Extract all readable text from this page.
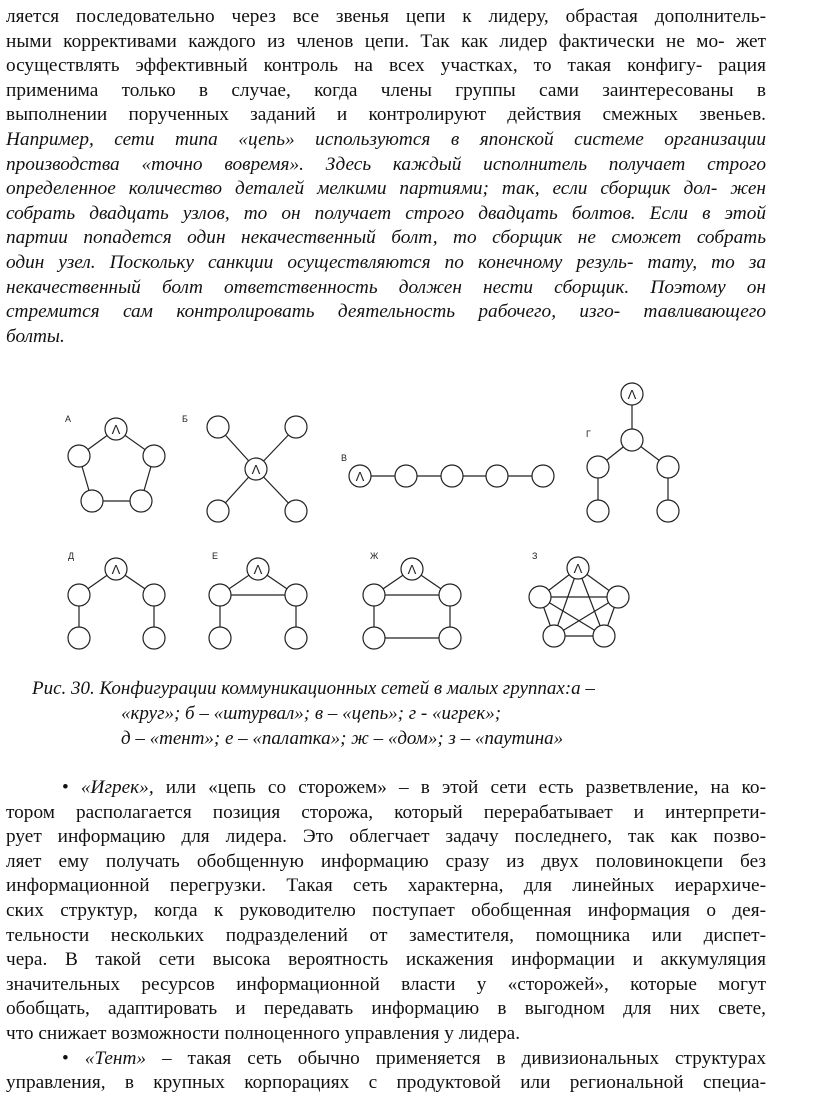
ляется последовательно через все звенья цепи к лидеру, обрастая дополнитель-
ными коррективами каждого из членов цепи. Так как лидер фактически не мо- жет
осуществлять эффективный контроль на всех участках, то такая конфигу- рация
применима только в случае, когда члены группы сами заинтересованы в
выполнении порученных заданий и контролируют действия смежных звеньев.
Например, сети типа «цепь» используются в японской системе организации
производства «точно вовремя». Здесь каждый исполнитель получает строго
определенное количество деталей мелкими партиями; так, если сборщик дол- жен
собрать двадцать узлов, то он получает строго двадцать болтов. Если в этой
партии попадется один некачественный болт, то сборщик не сможет собрать
один узел. Поскольку санкции осуществляются по конечному резуль- тату, то за
некачественный болт ответственность должен нести сборщик. Поэтому он
стремится сам контролировать деятельность рабочего, изго- тавливающего
болты.
Λ
Λ	Λ
Λ
Λ	Λ	Λ	Λ
А	Б
В
Г
Д	Е	Ж	З
Рис. 30. Конфигурации коммуникационных сетей в малых группах:а –
«круг»; б – «штурвал»; в – «цепь»; г - «игрек»;
д – «тент»; е – «палатка»; ж – «дом»; з – «паутина»
• «Игрек», или «цепь со сторожем» – в этой сети есть разветвление, на ко-
тором располагается позиция сторожа, который перерабатывает и интерпрети-
рует информацию для лидера. Это облегчает задачу последнего, так как позво-
ляет ему получать обобщенную информацию сразу из двух половинокцепи без
информационной перегрузки. Такая сеть характерна, для линейных иерархиче-
ских структур, когда к руководителю поступает обобщенная информация о дея-
тельности нескольких подразделений от заместителя, помощника или диспет-
чера. В такой сети высока вероятность искажения информации и аккумуляция
значительных ресурсов информационной власти у «сторожей», которые могут
обобщать, адаптировать и передавать информацию в выгодном для них свете,
что снижает возможности полноценного управления у лидера.
• «Тент» – такая сеть обычно применяется в дивизиональных структурах
управления, в крупных корпорациях с продуктовой или региональной специа-
